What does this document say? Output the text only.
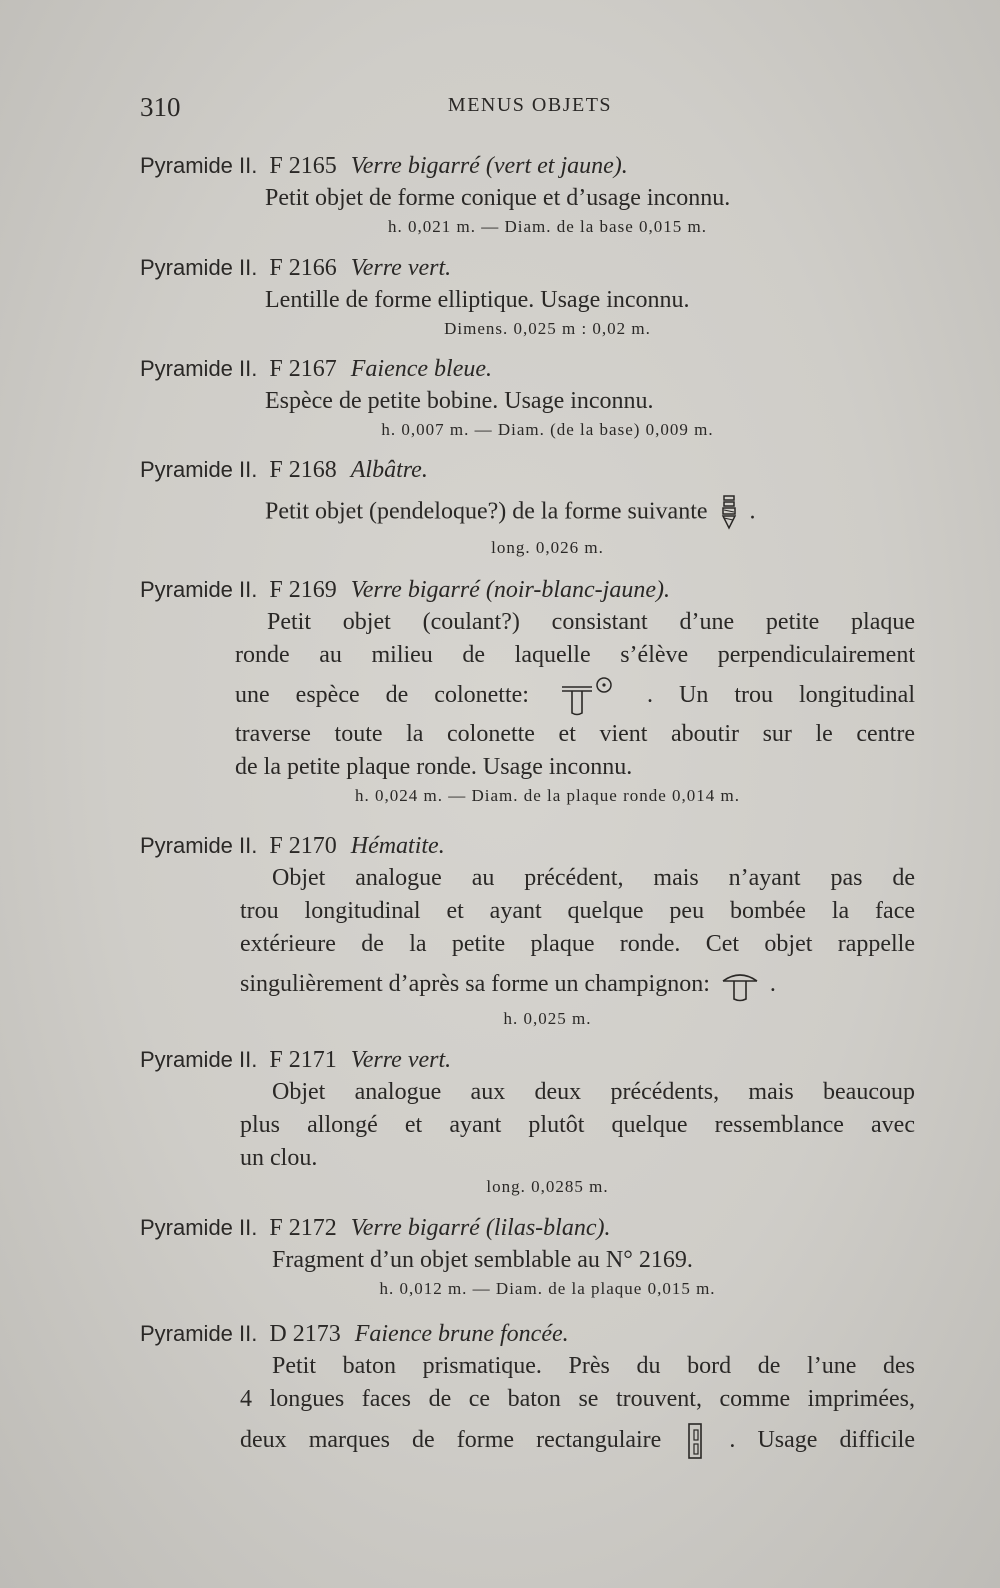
310	MENUS OBJETS
Pyramide II. F 2165 Verre bigarré (vert et jaune).
Petit objet de forme conique et d’usage inconnu.
h. 0,021 m. — Diam. de la base 0,015 m.
Pyramide II. F 2166 Verre vert.
Lentille de forme elliptique. Usage inconnu.
Dimens. 0,025 m : 0,02 m.
Pyramide II. F 2167 Faience bleue.
Espèce de petite bobine. Usage inconnu.
h. 0,007 m. — Diam. (de la base) 0,009 m.
Pyramide II. F 2168 Albâtre.
Petit objet (pendeloque?) de la forme suivante .
long. 0,026 m.
Pyramide II. F 2169 Verre bigarré (noir-blanc-jaune).
Petit objet (coulant?) consistant d’une petite plaque
ronde au milieu de laquelle s’élève perpendiculairement
une espèce de colonette:	. Un trou longitudinal
traverse toute la colonette et vient aboutir sur le centre
de la petite plaque ronde. Usage inconnu.
h. 0,024 m. — Diam. de la plaque ronde 0,014 m.
Pyramide II. F 2170 Hématite.
Objet analogue au précédent, mais n’ayant pas de
trou longitudinal et ayant quelque peu bombée la face
extérieure de la petite plaque ronde. Cet objet rappelle
singulièrement d’après sa forme un champignon:	.
h. 0,025 m.
Pyramide II. F 2171 Verre vert.
Objet analogue aux deux précédents, mais beaucoup
plus allongé et ayant plutôt quelque ressemblance avec
un clou.
long. 0,0285 m.
Pyramide II. F 2172 Verre bigarré (lilas-blanc).
Fragment d’un objet semblable au N° 2169.
h. 0,012 m. — Diam. de la plaque 0,015 m.
Pyramide II. D 2173 Faience brune foncée.
Petit baton prismatique. Près du bord de l’une des
4 longues faces de ce baton se trouvent, comme imprimées,
deux marques de forme rectangulaire	. Usage difficile
